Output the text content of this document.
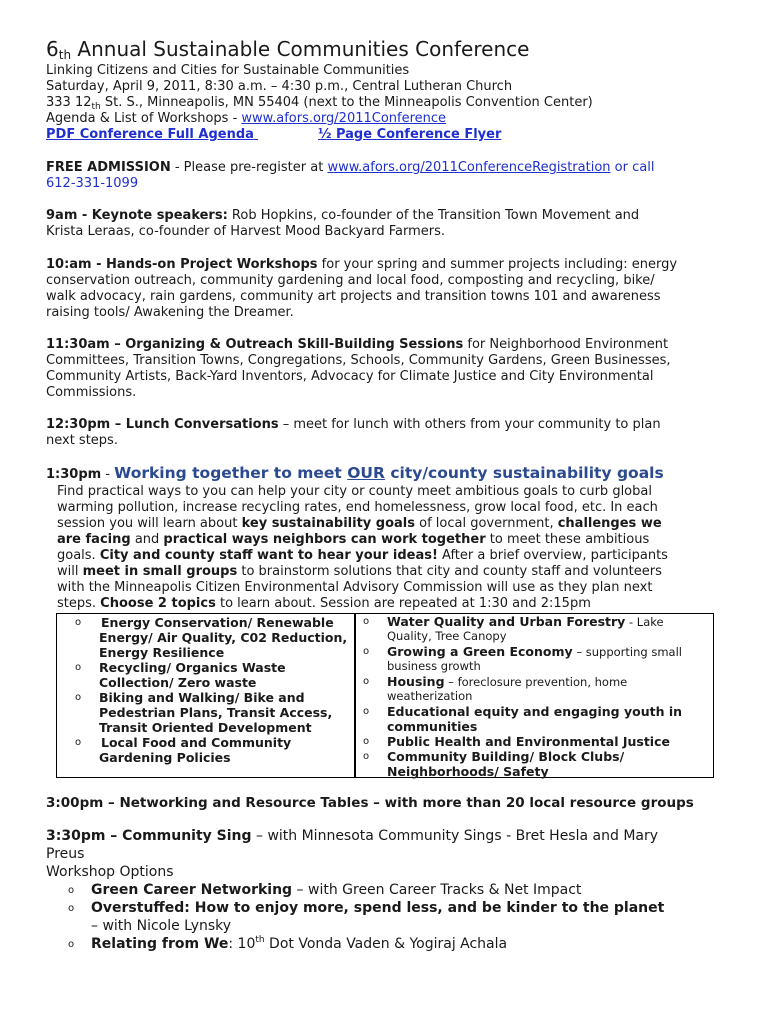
6th Annual Sustainable Communities Conference
Linking Citizens and Cities for Sustainable Communities
Saturday, April 9, 2011, 8:30 a.m. – 4:30 p.m., Central Lutheran Church
333 $12_{th}$ St. S., Minneapolis, MN 55404 (next to the Minneapolis Convention Center)
Agenda & List of Workshops - www.afors.org/2011Conference
PDF Conference Full Agenda	½ Page Conference Flyer
FREE ADMISSION - Please pre-register at www.afors.org/2011ConferenceRegistration or call
612-331-1099
9am - Keynote speakers: Rob Hopkins, co-founder of the Transition Town Movement and
Krista Leraas, co-founder of Harvest Mood Backyard Farmers.
10:am - Hands-on Project Workshops for your spring and summer projects including: energy
conservation outreach, community gardening and local food, composting and recycling, bike/
walk advocacy, rain gardens, community art projects and transition towns 101 and awareness
raising tools/ Awakening the Dreamer.
11:30am – Organizing & Outreach Skill-Building Sessions for Neighborhood Environment
Committees, Transition Towns, Congregations, Schools, Community Gardens, Green Businesses,
Community Artists, Back-Yard Inventors, Advocacy for Climate Justice and City Environmental
Commissions.
12:30pm – Lunch Conversations – meet for lunch with others from your community to plan
next steps.
1:30pm - Working together to meet OUR city/county sustainability goals
Find practical ways to you can help your city or county meet ambitious goals to curb global
warming pollution, increase recycling rates, end homelessness, grow local food, etc. In each
session you will learn about key sustainability goals of local government, challenges we
are facing and practical ways neighbors can work together to meet these ambitious
goals. City and county staff want to hear your ideas! After a brief overview, participants
will meet in small groups to brainstorm solutions that city and county staff and volunteers
with the Minneapolis Citizen Environmental Advisory Commission will use as they plan next
steps. Choose 2 topics to learn about. Session are repeated at 1:30 and 2:15pm
o Energy Conservation/ Renewable
Energy/ Air Quality, C02 Reduction,
Energy Resilience
o Recycling/ Organics Waste
Collection/ Zero waste
o Biking and Walking/ Bike and
Pedestrian Plans, Transit Access,
Transit Oriented Development
o Local Food and Community
Gardening Policies
o Water Quality and Urban Forestry - Lake
Quality, Tree Canopy
o Growing a Green Economy – supporting small
business growth
o Housing – foreclosure prevention, home
weatherization
o Educational equity and engaging youth in
communities
o Public Health and Environmental Justice
o Community Building/ Block Clubs/
Neighborhoods/ Safety
3:00pm – Networking and Resource Tables – with more than 20 local resource groups
3:30pm – Community Sing – with Minnesota Community Sings - Bret Hesla and Mary
Preus
Workshop Options
o Green Career Networking – with Green Career Tracks & Net Impact
o Overstuffed: How to enjoy more, spend less, and be kinder to the planet
– with Nicole Lynsky
o Relating from We: 10th Dot Vonda Vaden & Yogiraj Achala
